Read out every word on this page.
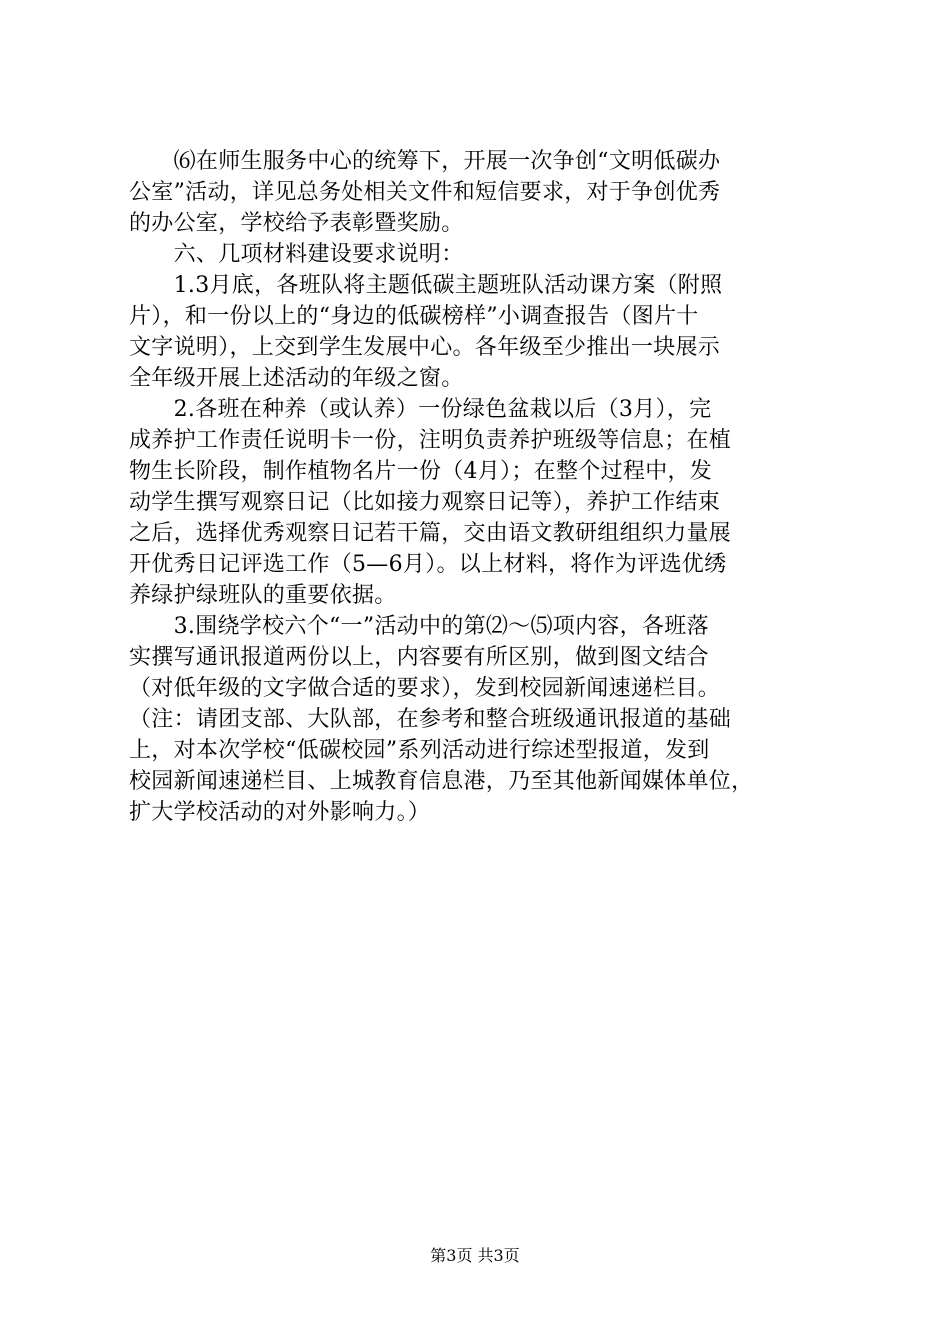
　　⑹在师生服务中心的统筹下，开展一次争创“文明低碳办
公室”活动，详见总务处相关文件和短信要求，对于争创优秀
的办公室，学校给予表彰暨奖励。
　　六、几项材料建设要求说明：
　　1.3月底，各班队将主题低碳主题班队活动课方案（附照
片），和一份以上的“身边的低碳榜样”小调查报告（图片十
文字说明），上交到学生发展中心。各年级至少推出一块展示
全年级开展上述活动的年级之窗。
　　2.各班在种养（或认养）一份绿色盆栽以后（3月），完
成养护工作责任说明卡一份，注明负责养护班级等信息；在植
物生长阶段，制作植物名片一份（4月）；在整个过程中，发
动学生撰写观察日记（比如接力观察日记等），养护工作结束
之后，选择优秀观察日记若干篇，交由语文教研组组织力量展
开优秀日记评选工作（5—6月）。以上材料，将作为评选优绣
养绿护绿班队的重要依据。
　　3.围绕学校六个“一”活动中的第⑵～⑸项内容，各班落
实撰写通讯报道两份以上，内容要有所区别，做到图文结合
（对低年级的文字做合适的要求），发到校园新闻速递栏目。
（注：请团支部、大队部，在参考和整合班级通讯报道的基础
上，对本次学校“低碳校园”系列活动进行综述型报道，发到
校园新闻速递栏目、上城教育信息港，乃至其他新闻媒体单位，
扩大学校活动的对外影响力。）
第3页 共3页
